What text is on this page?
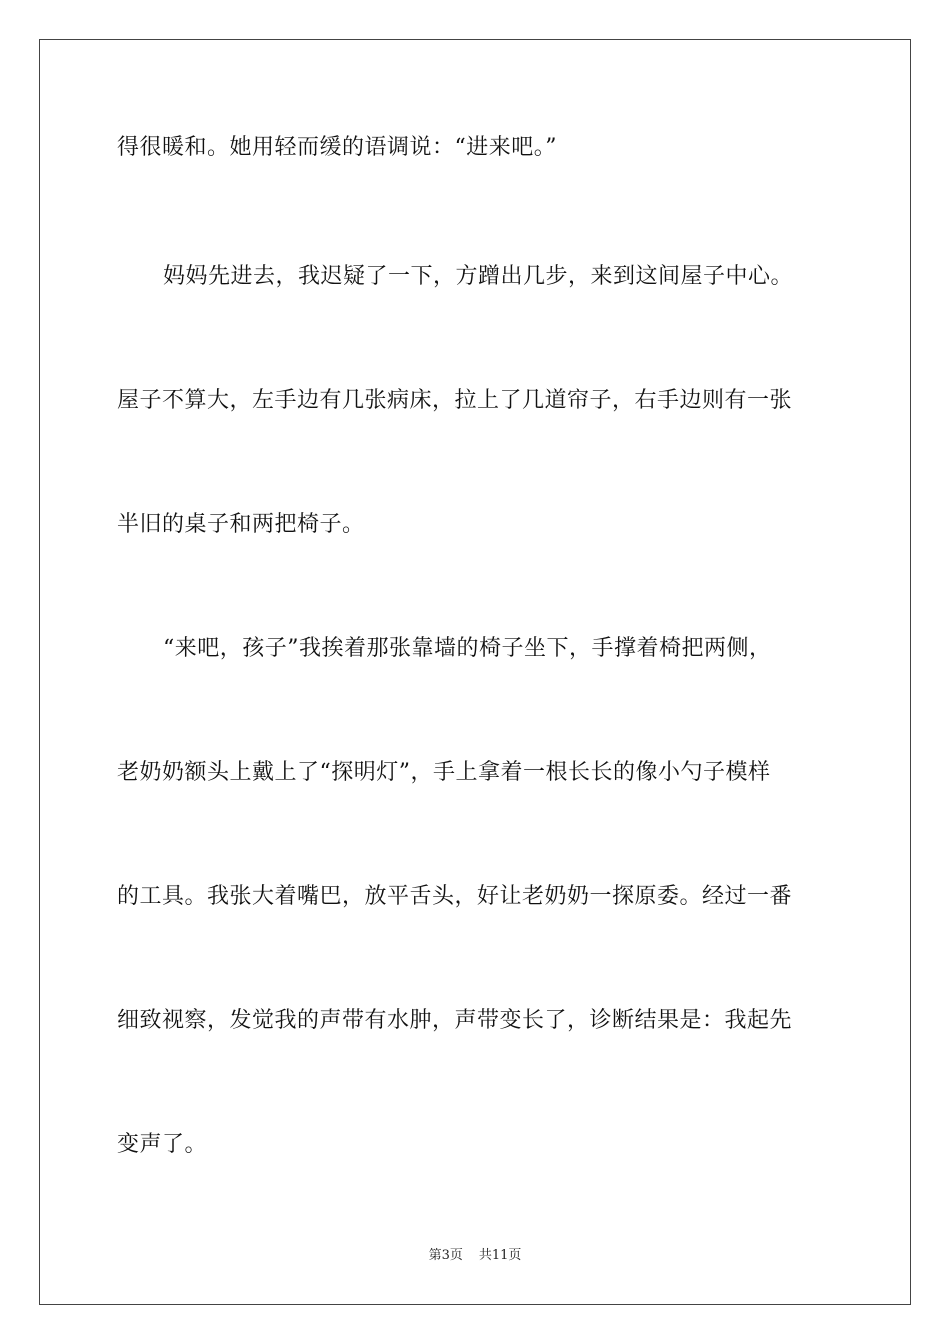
得很暖和。她用轻而缓的语调说：“进来吧。”
妈妈先进去，我迟疑了一下，方蹭出几步，来到这间屋子中心。
屋子不算大，左手边有几张病床，拉上了几道帘子，右手边则有一张
半旧的桌子和两把椅子。
“来吧，孩子”我挨着那张靠墙的椅子坐下，手撑着椅把两侧，
老奶奶额头上戴上了“探明灯”，手上拿着一根长长的像小勺子模样
的工具。我张大着嘴巴，放平舌头，好让老奶奶一探原委。经过一番
细致视察，发觉我的声带有水肿，声带变长了，诊断结果是：我起先
变声了。
第3页 共11页
